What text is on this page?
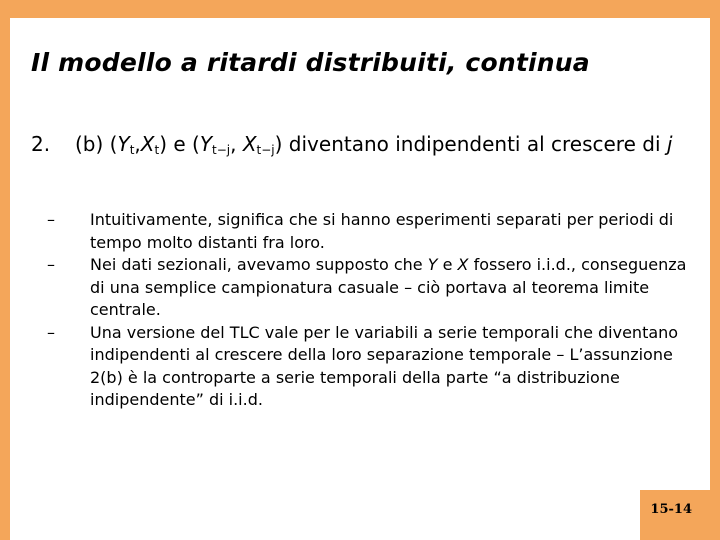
Il modello a ritardi distribuiti, continua
2. (b) $(Y_t,X_t)$ e ($Y_{t-j}$, $X_{t-j}$) diventano indipendenti al crescere di j
– Intuitivamente, significa che si hanno esperimenti separati per periodi di tempo molto distanti fra loro.
– Nei dati sezionali, avevamo supposto che Y e X fossero i.i.d., conseguenza di una semplice campionatura casuale – ciò portava al teorema limite centrale.
– Una versione del TLC vale per le variabili a serie temporali che diventano indipendenti al crescere della loro separazione temporale – L’assunzione 2(b) è la controparte a serie temporali della parte “a distribuzione indipendente” di i.i.d.
15-14
